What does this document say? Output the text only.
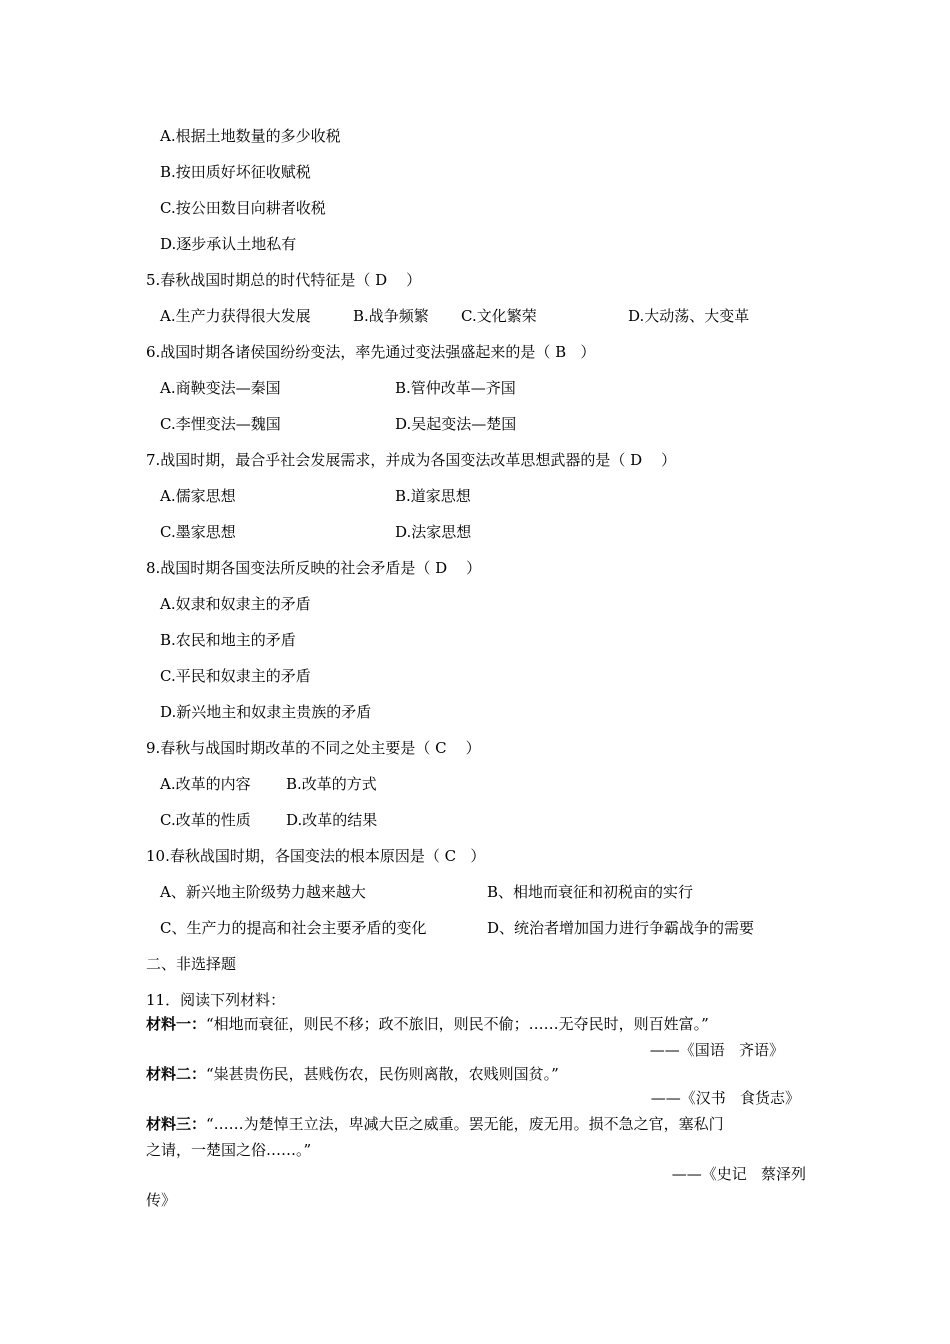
A.根据土地数量的多少收税
B.按田质好坏征收赋税
C.按公田数目向耕者收税
D.逐步承认土地私有
5.春秋战国时期总的时代特征是（ D    ）
A.生产力获得很大发展	B.战争频繁 C.文化繁荣	D.大动荡、大变革
6.战国时期各诸侯国纷纷变法，率先通过变法强盛起来的是（ B   ）
A.商鞅变法—秦国	B.管仲改革—齐国
C.李悝变法—魏国	D.吴起变法—楚国
7.战国时期，最合乎社会发展需求，并成为各国变法改革思想武器的是（ D    ）
A.儒家思想	B.道家思想
C.墨家思想	D.法家思想
8.战国时期各国变法所反映的社会矛盾是（ D    ）
A.奴隶和奴隶主的矛盾
B.农民和地主的矛盾
C.平民和奴隶主的矛盾
D.新兴地主和奴隶主贵族的矛盾
9.春秋与战国时期改革的不同之处主要是（ C    ）
A.改革的内容 B.改革的方式
C.改革的性质 D.改革的结果
10.春秋战国时期，各国变法的根本原因是（ C   ）
A、新兴地主阶级势力越来越大	B、相地而衰征和初税亩的实行
C、生产力的提高和社会主要矛盾的变化	D、统治者增加国力进行争霸战争的需要
二、非选择题
11．阅读下列材料：
材料一：“相地而衰征，则民不移；政不旅旧，则民不偷；……无夺民时，则百姓富。”
——《国语   齐语》
材料二：“粜甚贵伤民，甚贱伤农，民伤则离散，农贱则国贫。”
——《汉书   食货志》
材料三：“……为楚悼王立法，卑减大臣之威重。罢无能，废无用。损不急之官，塞私门
之请，一楚国之俗……。”
——《史记   蔡泽列
传》
